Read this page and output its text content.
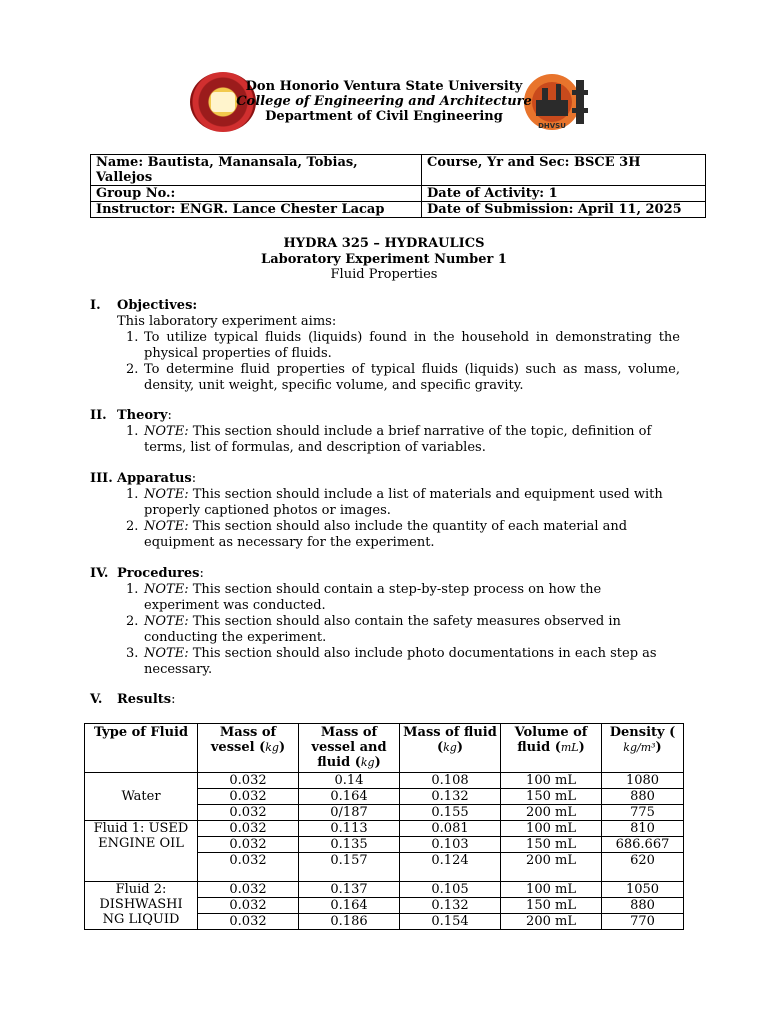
DHVSU
Don Honorio Ventura State University
College of Engineering and Architecture
Department of Civil Engineering
Name: Bautista, Manansala, Tobias, Vallejos	Course, Yr and Sec: BSCE 3H
Group No.:	Date of Activity: 1
Instructor: ENGR. Lance Chester Lacap	Date of Submission: April 11, 2025
HYDRA 325 – HYDRAULICS
Laboratory Experiment Number 1
Fluid Properties
I. Objectives:
This laboratory experiment aims:
1. To utilize typical fluids (liquids) found in the household in demonstrating the physical properties of fluids.
2. To determine fluid properties of typical fluids (liquids) such as mass, volume, density, unit weight, specific volume, and specific gravity.
II. Theory:
1. NOTE: This section should include a brief narrative of the topic, definition of terms, list of formulas, and description of variables.
III. Apparatus:
1. NOTE: This section should include a list of materials and equipment used with properly captioned photos or images.
2. NOTE: This section should also include the quantity of each material and equipment as necessary for the experiment.
IV. Procedures:
1. NOTE: This section should contain a step-by-step process on how the experiment was conducted.
2. NOTE: This section should also contain the safety measures observed in conducting the experiment.
3. NOTE: This section should also include photo documentations in each step as necessary.
V. Results:
Type of Fluid	Mass of vessel (kg)	Mass of vessel and fluid (kg)	Mass of fluid (kg)	Volume of fluid (mL)	Density (
kg/m³)
Water	0.032	0.14	0.108	100 mL	1080
	0.032	0.164	0.132	150 mL	880
	0.032	0/187	0.155	200 mL	775
Fluid 1: USED ENGINE OIL	0.032	0.113	0.081	100 mL	810
	0.032	0.135	0.103	150 mL	686.667
	0.032	0.157	0.124	200 mL	620
Fluid 2: DISHWASHI NG LIQUID	0.032	0.137	0.105	100 mL	1050
	0.032	0.164	0.132	150 mL	880
	0.032	0.186	0.154	200 mL	770
